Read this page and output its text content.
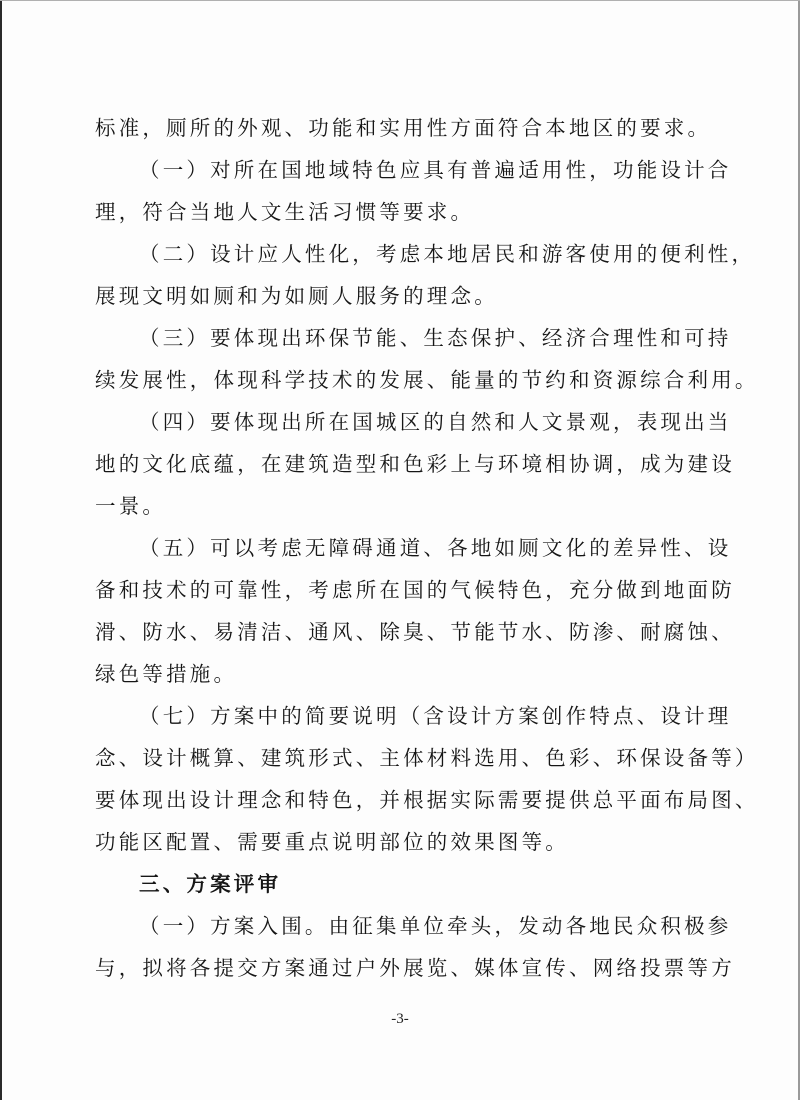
标准，厕所的外观、功能和实用性方面符合本地区的要求。
（一）对所在国地域特色应具有普遍适用性，功能设计合
理，符合当地人文生活习惯等要求。
（二）设计应人性化，考虑本地居民和游客使用的便利性，
展现文明如厕和为如厕人服务的理念。
（三）要体现出环保节能、生态保护、经济合理性和可持
续发展性，体现科学技术的发展、能量的节约和资源综合利用。
（四）要体现出所在国城区的自然和人文景观，表现出当
地的文化底蕴，在建筑造型和色彩上与环境相协调，成为建设
一景。
（五）可以考虑无障碍通道、各地如厕文化的差异性、设
备和技术的可靠性，考虑所在国的气候特色，充分做到地面防
滑、防水、易清洁、通风、除臭、节能节水、防渗、耐腐蚀、
绿色等措施。
（七）方案中的简要说明（含设计方案创作特点、设计理
念、设计概算、建筑形式、主体材料选用、色彩、环保设备等）
要体现出设计理念和特色，并根据实际需要提供总平面布局图、
功能区配置、需要重点说明部位的效果图等。
三、方案评审
（一）方案入围。由征集单位牵头，发动各地民众积极参
与，拟将各提交方案通过户外展览、媒体宣传、网络投票等方
-3-
